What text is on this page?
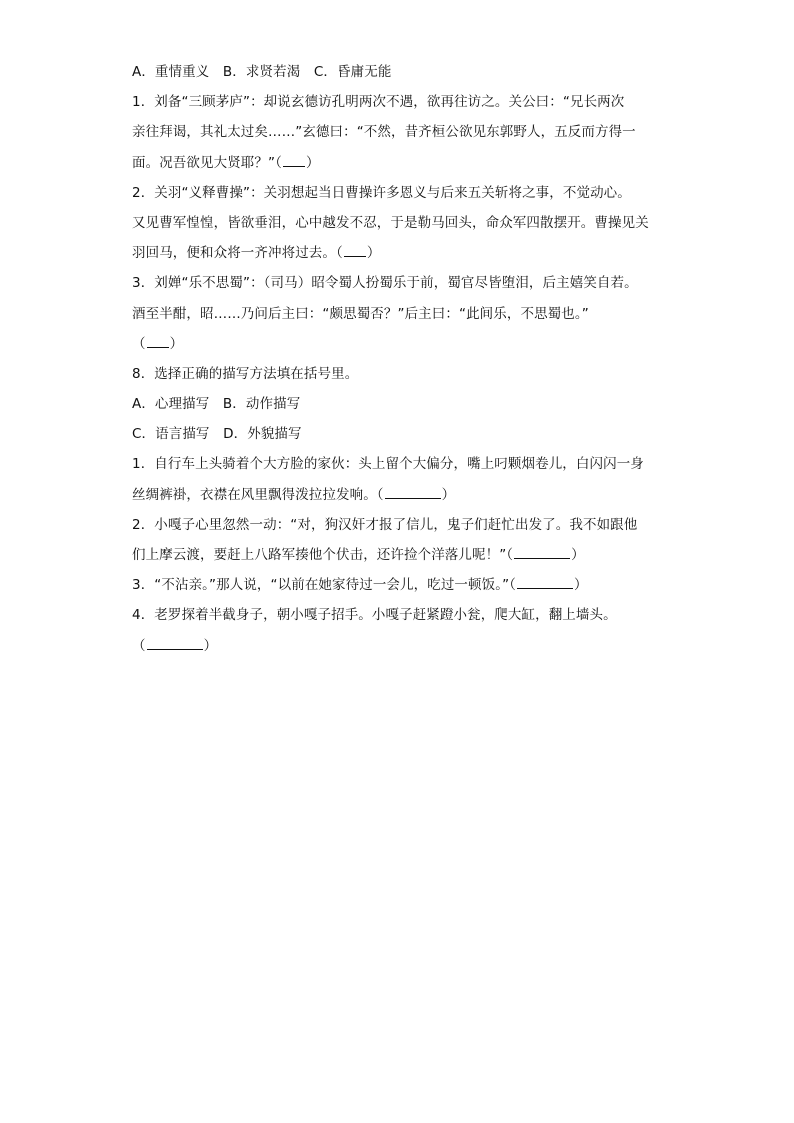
A．重情重义　B．求贤若渴　C．昏庸无能
1．刘备“三顾茅庐”：却说玄德访孔明两次不遇，欲再往访之。关公曰：“兄长两次
亲往拜谒，其礼太过矣……”玄德曰：“不然，昔齐桓公欲见东郭野人，五反而方得一
面。况吾欲见大贤耶？”（ ）
2．关羽“义释曹操”：关羽想起当日曹操许多恩义与后来五关斩将之事，不觉动心。
又见曹军惶惶，皆欲垂泪，心中越发不忍，于是勒马回头，命众军四散摆开。曹操见关
羽回马，便和众将一齐冲将过去。（ ）
3．刘婵“乐不思蜀”：（司马）昭令蜀人扮蜀乐于前，蜀官尽皆堕泪，后主嬉笑自若。
酒至半酣，昭……乃问后主曰：“颇思蜀否？”后主曰：“此间乐，不思蜀也。”
（ ）
8．选择正确的描写方法填在括号里。
A．心理描写　B．动作描写
C．语言描写　D．外貌描写
1．自行车上头骑着个大方脸的家伙：头上留个大偏分，嘴上叼颗烟卷儿，白闪闪一身
丝绸裤褂，衣襟在风里飘得泼拉拉发响。（	）
2．小嘎子心里忽然一动：“对，狗汉奸才报了信儿，鬼子们赶忙出发了。我不如跟他
们上摩云渡，要赶上八路军揍他个伏击，还许捡个洋落儿呢！”（	）
3．“不沾亲。”那人说，“以前在她家待过一会儿，吃过一顿饭。”（	）
4．老罗探着半截身子，朝小嘎子招手。小嘎子赶紧蹬小瓮，爬大缸，翻上墙头。
（	）
